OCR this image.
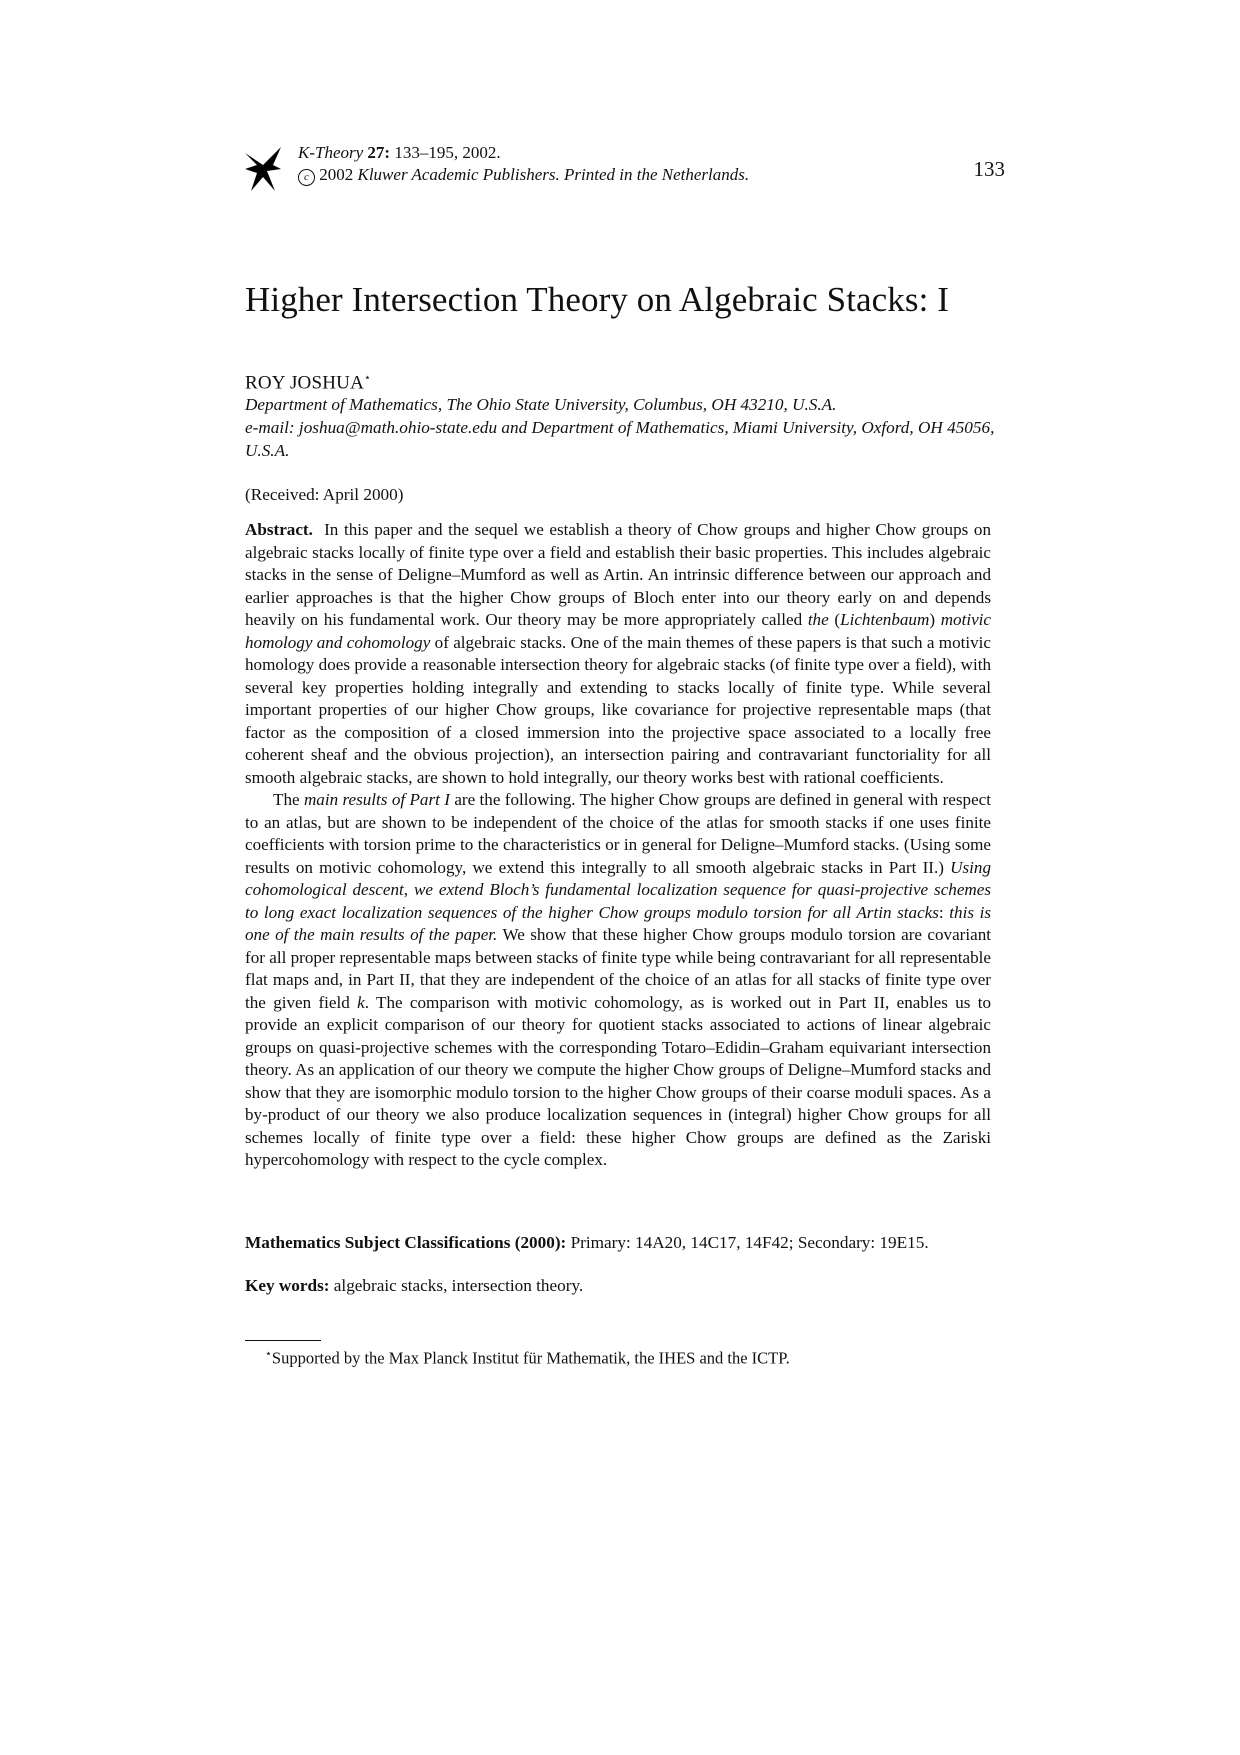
K-Theory 27: 133–195, 2002.
c 2002 Kluwer Academic Publishers. Printed in the Netherlands.	133
Higher Intersection Theory on Algebraic Stacks: I
ROY JOSHUA⋆
Department of Mathematics, The Ohio State University, Columbus, OH 43210, U.S.A.
e-mail: joshua@math.ohio-state.edu and Department of Mathematics, Miami University, Oxford, OH 45056, U.S.A.
(Received: April 2000)

Abstract. In this paper and the sequel we establish a theory of Chow groups and higher Chow groups on algebraic stacks locally of finite type over a field and establish their basic properties. This includes algebraic stacks in the sense of Deligne–Mumford as well as Artin. An intrinsic difference between our approach and earlier approaches is that the higher Chow groups of Bloch enter into our theory early on and depends heavily on his fundamental work. Our theory may be more appropriately called the (Lichtenbaum) motivic homology and cohomology of algebraic stacks. One of the main themes of these papers is that such a motivic homology does provide a reasonable intersection theory for algebraic stacks (of finite type over a field), with several key properties holding integrally and extending to stacks locally of finite type. While several important properties of our higher Chow groups, like covariance for projective representable maps (that factor as the composition of a closed immersion into the projective space associated to a locally free coherent sheaf and the obvious projection), an intersection pairing and contravariant functoriality for all smooth algebraic stacks, are shown to hold integrally, our theory works best with rational coefficients.

The main results of Part I are the following. The higher Chow groups are defined in general with respect to an atlas, but are shown to be independent of the choice of the atlas for smooth stacks if one uses finite coefficients with torsion prime to the characteristics or in general for Deligne–Mumford stacks. (Using some results on motivic cohomology, we extend this integrally to all smooth algebraic stacks in Part II.) Using cohomological descent, we extend Bloch’s fundamental localization sequence for quasi-projective schemes to long exact localization sequences of the higher Chow groups modulo torsion for all Artin stacks: this is one of the main results of the paper. We show that these higher Chow groups modulo torsion are covariant for all proper representable maps between stacks of finite type while being contravariant for all representable flat maps and, in Part II, that they are independent of the choice of an atlas for all stacks of finite type over the given field k. The comparison with motivic cohomology, as is worked out in Part II, enables us to provide an explicit comparison of our theory for quotient stacks associated to actions of linear algebraic groups on quasi-projective schemes with the corresponding Totaro–Edidin–Graham equivariant intersection theory. As an application of our theory we compute the higher Chow groups of Deligne–Mumford stacks and show that they are isomorphic modulo torsion to the higher Chow groups of their coarse moduli spaces. As a by-product of our theory we also produce localization sequences in (integral) higher Chow groups for all schemes locally of finite type over a field: these higher Chow groups are defined as the Zariski hypercohomology with respect to the cycle complex.

Mathematics Subject Classifications (2000): Primary: 14A20, 14C17, 14F42; Secondary: 19E15.
Key words: algebraic stacks, intersection theory.
⋆Supported by the Max Planck Institut für Mathematik, the IHES and the ICTP.
